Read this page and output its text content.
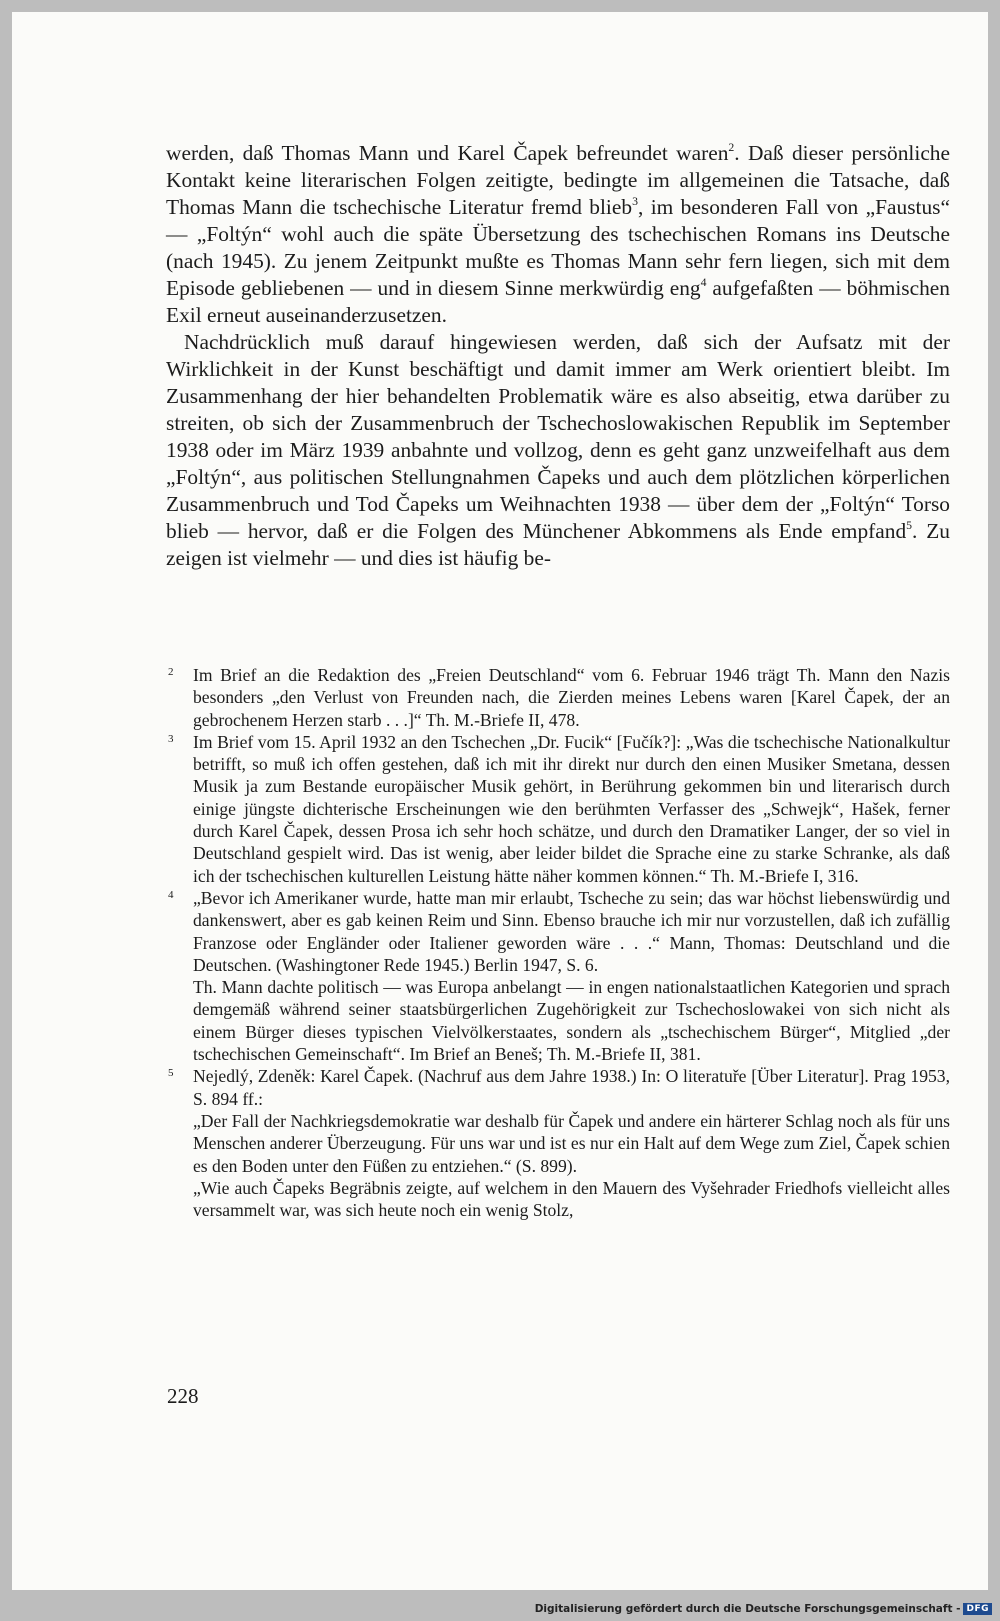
werden, daß Thomas Mann und Karel Čapek befreundet waren$^2$. Daß dieser persönliche Kontakt keine literarischen Folgen zeitigte, bedingte im allgemeinen die Tatsache, daß Thomas Mann die tschechische Literatur fremd blieb$^3$, im besonderen Fall von „Faustus“ — „Foltýn“ wohl auch die späte Übersetzung des tschechischen Romans ins Deutsche (nach 1945). Zu jenem Zeitpunkt mußte es Thomas Mann sehr fern liegen, sich mit dem Episode gebliebenen — und in diesem Sinne merkwürdig eng$^4$ aufgefaßten — böhmischen Exil erneut auseinanderzusetzen.

Nachdrücklich muß darauf hingewiesen werden, daß sich der Aufsatz mit der Wirklichkeit in der Kunst beschäftigt und damit immer am Werk orientiert bleibt. Im Zusammenhang der hier behandelten Problematik wäre es also abseitig, etwa darüber zu streiten, ob sich der Zusammenbruch der Tschechoslowakischen Republik im September 1938 oder im März 1939 anbahnte und vollzog, denn es geht ganz unzweifelhaft aus dem „Foltýn“, aus politischen Stellungnahmen Čapeks und auch dem plötzlichen körperlichen Zusammenbruch und Tod Čapeks um Weihnachten 1938 — über dem der „Foltýn“ Torso blieb — hervor, daß er die Folgen des Münchener Abkommens als Ende empfand$^5$. Zu zeigen ist vielmehr — und dies ist häufig be-

2 Im Brief an die Redaktion des „Freien Deutschland“ vom 6. Februar 1946 trägt Th. Mann den Nazis besonders „den Verlust von Freunden nach, die Zierden meines Lebens waren [Karel Čapek, der an gebrochenem Herzen starb . . .]“ Th. M.-Briefe II, 478.

3 Im Brief vom 15. April 1932 an den Tschechen „Dr. Fucik“ [Fučík?]: „Was die tschechische Nationalkultur betrifft, so muß ich offen gestehen, daß ich mit ihr direkt nur durch den einen Musiker Smetana, dessen Musik ja zum Bestande europäischer Musik gehört, in Berührung gekommen bin und literarisch durch einige jüngste dichterische Erscheinungen wie den berühmten Verfasser des „Schwejk“, Hašek, ferner durch Karel Čapek, dessen Prosa ich sehr hoch schätze, und durch den Dramatiker Langer, der so viel in Deutschland gespielt wird. Das ist wenig, aber leider bildet die Sprache eine zu starke Schranke, als daß ich der tschechischen kulturellen Leistung hätte näher kommen können.“ Th. M.-Briefe I, 316.

4 „Bevor ich Amerikaner wurde, hatte man mir erlaubt, Tscheche zu sein; das war höchst liebenswürdig und dankenswert, aber es gab keinen Reim und Sinn. Ebenso brauche ich mir nur vorzustellen, daß ich zufällig Franzose oder Engländer oder Italiener geworden wäre . . .“ Mann, Thomas: Deutschland und die Deutschen. (Washingtoner Rede 1945.) Berlin 1947, S. 6.

Th. Mann dachte politisch — was Europa anbelangt — in engen nationalstaatlichen Kategorien und sprach demgemäß während seiner staatsbürgerlichen Zugehörigkeit zur Tschechoslowakei von sich nicht als einem Bürger dieses typischen Vielvölkerstaates, sondern als „tschechischem Bürger“, Mitglied „der tschechischen Gemeinschaft“. Im Brief an Beneš; Th. M.-Briefe II, 381.

5 Nejedlý, Zdeněk: Karel Čapek. (Nachruf aus dem Jahre 1938.) In: O literatuře [Über Literatur]. Prag 1953, S. 894 ff.:

„Der Fall der Nachkriegsdemokratie war deshalb für Čapek und andere ein härterer Schlag noch als für uns Menschen anderer Überzeugung. Für uns war und ist es nur ein Halt auf dem Wege zum Ziel, Čapek schien es den Boden unter den Füßen zu entziehen.“ (S. 899).

„Wie auch Čapeks Begräbnis zeigte, auf welchem in den Mauern des Vyšehrader Friedhofs vielleicht alles versammelt war, was sich heute noch ein wenig Stolz,

228
Digitalisierung gefördert durch die Deutsche Forschungsgemeinschaft - DFG
